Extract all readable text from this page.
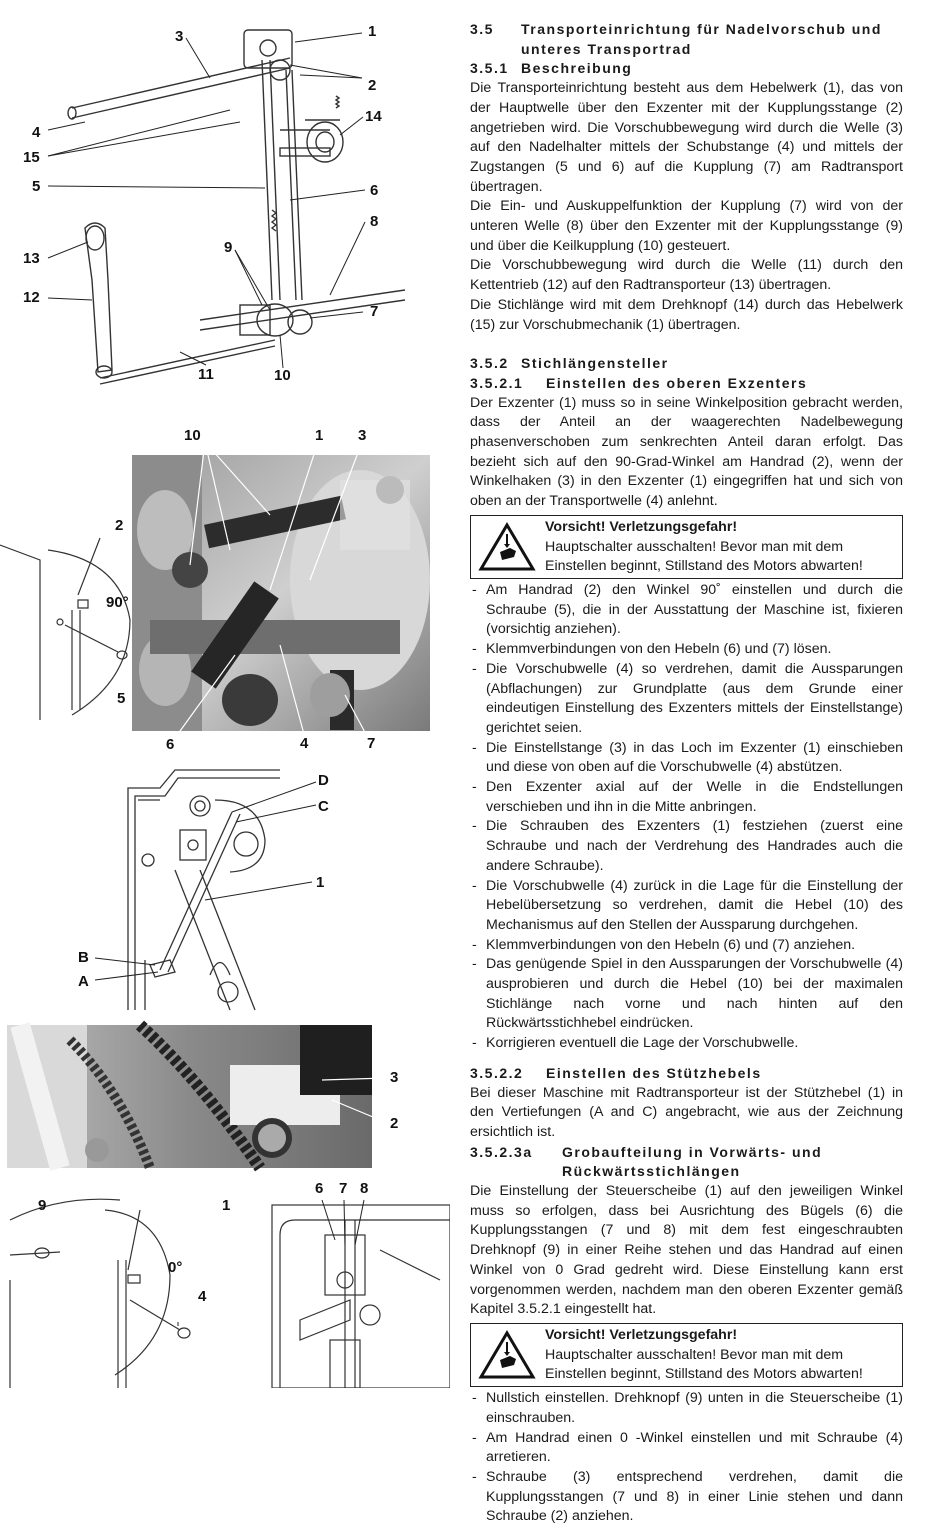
3	1
2
14
4
15
5	6
8
9
13
12
7
11	10
10	1 3
2
90°
5
6	4	7
D
C
1
B
A
3
2
9	1
6 7 8
0°
4
3.5	Transporteinrichtung für Nadelvorschub und unteres Transportrad
3.5.1 Beschreibung

Die Transporteinrichtung besteht aus dem Hebelwerk (1), das von der Hauptwelle über den Exzenter mit der Kupplungsstange (2) angetrieben wird. Die Vorschubbewegung wird durch die Welle (3) auf den Nadelhalter mittels der Schubstange (4) und mittels der Zugstangen (5 und 6) auf die Kupplung (7) am Radtransport übertragen.

Die Ein- und Auskuppelfunktion der Kupplung (7) wird von der unteren Welle (8) über den Exzenter mit der Kupplungsstange (9) und über die Keilkupplung (10) gesteuert.

Die Vorschubbewegung wird durch die Welle (11) durch den Kettentrieb (12) auf den Radtransporteur (13) übertragen.

Die Stichlänge wird mit dem Drehknopf (14) durch das Hebelwerk (15) zur Vorschubmechanik (1) übertragen.

3.5.2 Stichlängensteller
3.5.2.1	Einstellen des oberen Exzenters

Der Exzenter (1) muss so in seine Winkelposition gebracht werden, dass der Anteil an der waagerechten Nadelbewegung phasenverschoben zum senkrechten Anteil daran erfolgt. Das bezieht sich auf den 90-Grad-Winkel am Handrad (2), wenn der Winkelhaken (3) in den Exzenter (1) eingegriffen hat und sich von oben an der Transportwelle (4) anlehnt.

Vorsicht! Verletzungsgefahr!
Hauptschalter ausschalten! Bevor man mit dem Einstellen beginnt, Stillstand des Motors abwarten!
- Am Handrad (2) den Winkel 90˚ einstellen und durch die Schraube (5), die in der Ausstattung der Maschine ist, fixieren (vorsichtig anziehen).
- Klemmverbindungen von den Hebeln (6) und (7) lösen.
- Die Vorschubwelle (4) so verdrehen, damit die Aussparungen (Abflachungen) zur Grundplatte (aus dem Grunde einer eindeutigen Einstellung des Exzenters mittels der Einstellstange) gerichtet seien.
- Die Einstellstange (3) in das Loch im Exzenter (1) einschieben und diese von oben auf die Vorschubwelle (4) abstützen.
- Den Exzenter axial auf der Welle in die Endstellungen verschieben und ihn in die Mitte anbringen.
- Die Schrauben des Exzenters (1) festziehen (zuerst eine Schraube und nach der Verdrehung des Handrades auch die andere Schraube).
- Die Vorschubwelle (4) zurück in die Lage für die Einstellung der Hebelübersetzung so verdrehen, damit die Hebel (10) des Mechanismus auf den Stellen der Aussparung durchgehen.
- Klemmverbindungen von den Hebeln (6) und (7) anziehen.
- Das genügende Spiel in den Aussparungen der Vorschubwelle (4) ausprobieren und durch die Hebel (10) bei der maximalen Stichlänge nach vorne und nach hinten auf den Rückwärtsstichhebel eindrücken.
- Korrigieren eventuell die Lage der Vorschubwelle.
3.5.2.2	Einstellen des Stützhebels

Bei dieser Maschine mit Radtransporteur ist der Stützhebel (1) in den Vertiefungen (A and C) angebracht, wie aus der Zeichnung ersichtlich ist.

3.5.2.3a	Grobaufteilung in Vorwärts- und Rückwärtsstichlängen

Die Einstellung der Steuerscheibe (1) auf den jeweiligen Winkel muss so erfolgen, dass bei Ausrichtung des Bügels (6) die Kupplungsstangen (7 und 8) mit dem fest eingeschraubten Drehknopf (9) in einer Reihe stehen und das Handrad auf einen Winkel von 0 Grad gedreht wird. Diese Einstellung kann erst vorgenommen werden, nachdem man den oberen Exzenter gemäß Kapitel 3.5.2.1 eingestellt hat.

Vorsicht! Verletzungsgefahr!
Hauptschalter ausschalten! Bevor man mit dem Einstellen beginnt, Stillstand des Motors abwarten!
- Nullstich einstellen. Drehknopf (9) unten in die Steuerscheibe (1) einschrauben.
- Am Handrad einen 0 -Winkel einstellen und mit Schraube (4) arretieren.
- Schraube (3) entsprechend verdrehen, damit die Kupplungsstangen (7 und 8) in einer Linie stehen und dann Schraube (2) anziehen.
